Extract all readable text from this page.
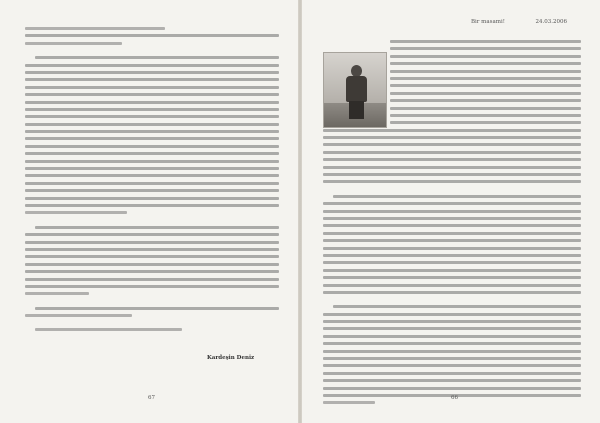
Kardeşin Deniz
67
Bir masami!	24.03.2006
66
